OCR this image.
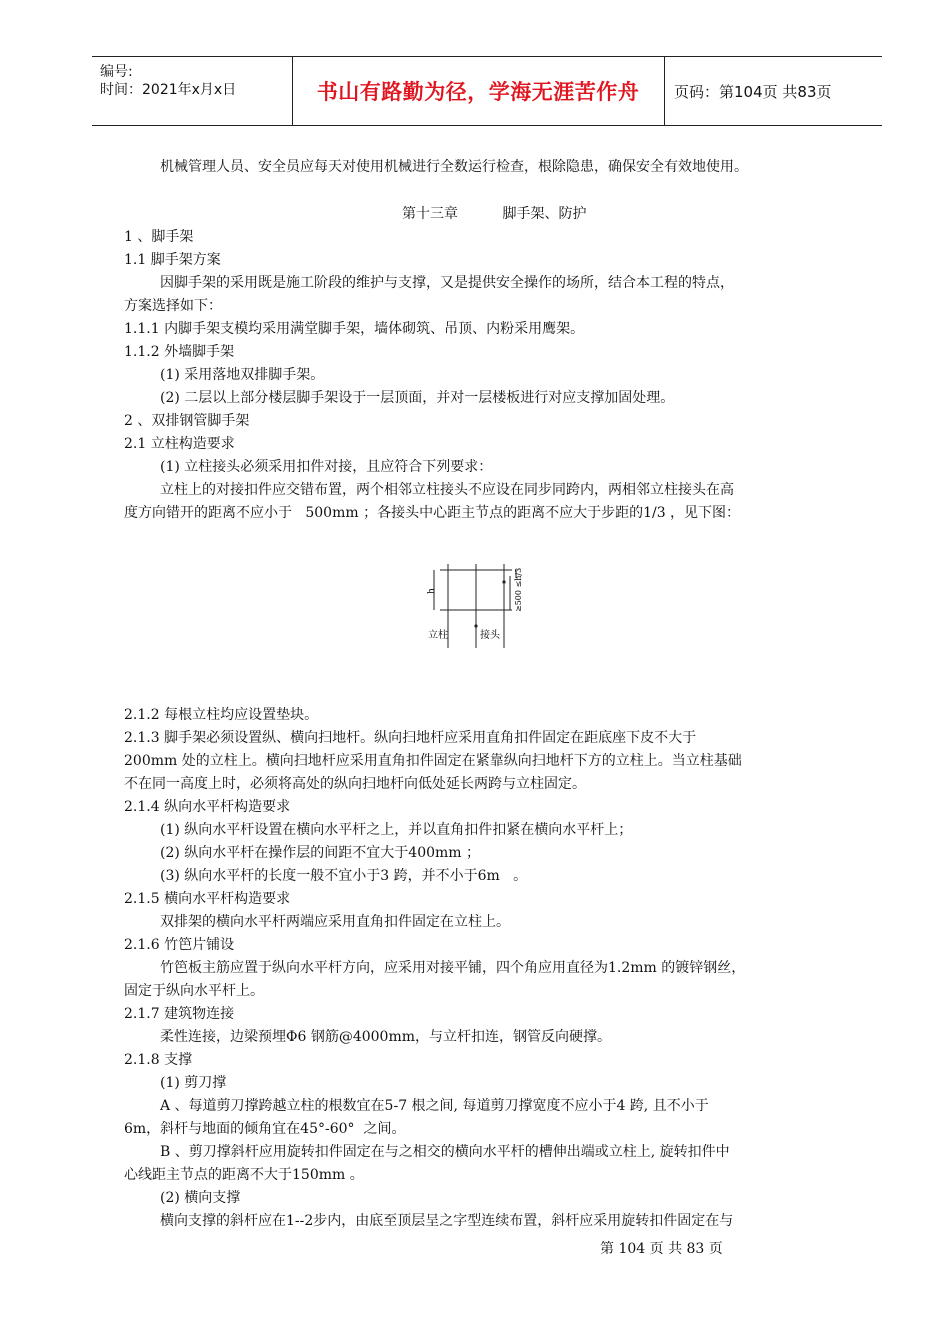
编号:
时间：2021年x月x日	书山有路勤为径，学海无涯苦作舟 页码：第104页 共83页
机械管理人员、安全员应每天对使用机械进行全数运行检查，根除隐患，确保安全有效地使用。
第十三章          脚手架、防护
1 、脚手架
1.1 脚手架方案
因脚手架的采用既是施工阶段的维护与支撑，又是提供安全操作的场所，结合本工程的特点，
方案选择如下：
1.1.1 内脚手架支模均采用满堂脚手架，墙体砌筑、吊顶、内粉采用鹰架。
1.1.2 外墙脚手架
(1) 采用落地双排脚手架。
(2) 二层以上部分楼层脚手架设于一层顶面，并对一层楼板进行对应支撑加固处理。
2 、双排钢管脚手架
2.1 立柱构造要求
(1) 立柱接头必须采用扣件对接，且应符合下列要求：
立柱上的对接扣件应交错布置，两个相邻立柱接头不应设在同步同跨内，两相邻立柱接头在高
度方向错开的距离不应小于   500mm ；各接头中心距主节点的距离不应大于步距的1/3 ，见下图：
h	≥500 ≤h/3
立柱	接头
2.1.2 每根立柱均应设置垫块。
2.1.3 脚手架必须设置纵、横向扫地杆。纵向扫地杆应采用直角扣件固定在距底座下皮不大于
200mm 处的立柱上。横向扫地杆应采用直角扣件固定在紧靠纵向扫地杆下方的立柱上。当立柱基础
不在同一高度上时，必须将高处的纵向扫地杆向低处延长两跨与立柱固定。
2.1.4 纵向水平杆构造要求
(1) 纵向水平杆设置在横向水平杆之上，并以直角扣件扣紧在横向水平杆上；
(2) 纵向水平杆在操作层的间距不宜大于400mm ；
(3) 纵向水平杆的长度一般不宜小于3 跨，并不小于6m   。
2.1.5 横向水平杆构造要求
双排架的横向水平杆两端应采用直角扣件固定在立柱上。
2.1.6 竹笆片铺设
竹笆板主筋应置于纵向水平杆方向，应采用对接平铺，四个角应用直径为1.2mm 的镀锌钢丝，
固定于纵向水平杆上。
2.1.7 建筑物连接
柔性连接，边梁预埋Φ6 钢筋@4000mm，与立杆扣连，钢管反向硬撑。
2.1.8 支撑
(1) 剪刀撑
A 、每道剪刀撑跨越立柱的根数宜在5-7 根之间, 每道剪刀撑宽度不应小于4 跨, 且不小于
6m，斜杆与地面的倾角宜在45°-60°  之间。
B 、剪刀撑斜杆应用旋转扣件固定在与之相交的横向水平杆的槽伸出端或立柱上, 旋转扣件中
心线距主节点的距离不大于150mm 。
(2) 横向支撑
横向支撑的斜杆应在1--2步内，由底至顶层呈之字型连续布置，斜杆应采用旋转扣件固定在与
第 104 页 共 83 页
